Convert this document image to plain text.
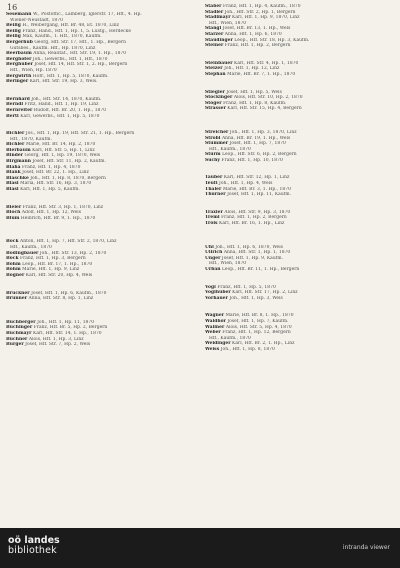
16
Sesemann W., Postoffic., Lamberg, Iglerstr. 17, Hff., 4. Hp.
Wiener-Neustadt, 1870
Beilig H., Weibergang, Hff. Br. 48, Et. 1870, Linz
Beilig Franz, Hand., Hff. 1, Hp. 1, 5. Lustg., Herdecke
Beilig Max, Kaufm., 1. Hff., 1870, Kaufm.
Bergerhub Georg, Hff. Str. 17, Hff., 1. Hp., Bergern
Gutsbes., Kaufm. Hff., Hp. 1870, Linz
Beerbaum Anna, Realität., Hff. Str. 19, 1. Hp., 1870
Berghofer Joh., Gewerbs., Hff. 1, Hff., 1870
Berghuber Josef, Hff. 14, Hff. Str. 1, 2. Hp., Bergern
Hff., Wien, Hp. 1870
Bergwirth Hofr., Hff. 1, Hp. 5, 1870, Kaufm.
Beringer Karl, Hff. Str. 19, Hp. 3, Wels.
Bernhard Joh., Hff. Str. 14, 1870, Kaufm.
Berndl Fritz, Hand., Hff. 1, Hp. 19, Linz
Bernreiter Rudolf, Hff. Br. 20, 1. Hp., 1870
Bertl Karl, Gewerbs., Hff. 1, Hp. 5, 1870
Bichler Jos., Hff. 1, Hp. 19, Hff. Str. 21, 1. Hp., Bergern
Hff., 1870, Kaufm.
Bichler Marie, Hff. Br. 14, Hp. 2, 1870
Bierbaum Karl, Hff. Str. 5, Hp. 1, Linz
Binder Georg, Hff. 1, Hp. 19, 1870, Wels
Birgmann Josef, Hff. Str. 11, Hp. 2, Kaufm.
Blaha Franz, Hff. 1, Hp. 4, 1870
Blank Josef, Hff. Br. 22, 1. Hp., Linz
Blaschke Joh., Hff. 1, Hp. 8, 1870, Bergern
Blasl Maria, Hff. Str. 16, Hp. 3, 1870
Blasl Karl, Hff. 1, Hp. 5, Kaufm.
Bleier Franz, Hff. Str. 3, Hp. 1, 1870, Linz
Bloch Adolf, Hff. 1, Hp. 12, Wels
Blum Heinrich, Hff. Br. 9, 1. Hp., 1870
Bock Anton, Hff. 1, Hp. 7, Hff. Str. 2, 1870, Linz
Hff., Kaufm., 1870
Bodingbauer Joh., Hff. Str. 13, Hp. 2, 1870
Böck Franz, Hff. 1, Hp. 3, Bergern
Böhm Leop., Hff. Br. 17, 1. Hp., 1870
Böhm Marie, Hff. 1, Hp. 9, Linz
Bogner Karl, Hff. Str. 20, Hp. 4, Wels
Bruckner Josef, Hff. 1, Hp. 6, Kaufm., 1870
Brunner Anna, Hff. Str. 8, Hp. 1, Linz
Buchberger Joh., Hff. 1, Hp. 11, 1870
Buchinger Franz, Hff. Br. 5, Hp. 2, Bergern
Buchmayr Karl, Hff. Str. 14, 1. Hp., 1870
Buchner Alois, Hff. 1, Hp. 3, Linz
Burger Josef, Hff. Str. 7, Hp. 2, Wels
Staber Franz, Hff. 1, Hp. 4, Kaufm., 1870
Stadler Joh., Hff. Str. 2, Hp. 1, Bergern
Stadlmayr Karl, Hff. 1, Hp. 9, 1870, Linz
Hff., Wien, 1870
Stangl Josef, Hff. Br. 13, 1. Hp., Wels
Starzer Anna, Hff. 1, Hp. 6, 1870
Staudinger Leop., Hff. Str. 18, Hp. 3, Kaufm.
Steiner Franz, Hff. 1, Hp. 2, Bergern
Steinbauer Karl, Hff. Str. 4, Hp. 1, 1870
Stelzer Joh., Hff. 1, Hp. 12, Linz
Stephan Marie, Hff. Br. 7, 1. Hp., 1870
Stiegler Josef, Hff. 1, Hp. 5, Wels
Stockinger Alois, Hff. Str. 10, Hp. 2, 1870
Stöger Franz, Hff. 1, Hp. 8, Kaufm.
Strasser Karl, Hff. Str. 15, Hp. 4, Bergern
Streicher Joh., Hff. 1, Hp. 3, 1870, Linz
Strobl Anna, Hff. Br. 19, 1. Hp., Wels
Stummer Josef, Hff. 1, Hp. 7, 1870
Hff., Kaufm., 1870
Sturm Leop., Hff. Str. 6, Hp. 2, Bergern
Suchy Franz, Hff. 1, Hp. 10, 1870
Tauber Karl, Hff. Str. 12, Hp. 1, Linz
Teufl Joh., Hff. 1, Hp. 4, Wels
Thaler Marie, Hff. Br. 3, 1. Hp., 1870
Thurner Josef, Hff. 1, Hp. 11, Kaufm.
Traxler Alois, Hff. Str. 9, Hp. 3, 1870
Treml Franz, Hff. 1, Hp. 2, Bergern
Tröls Karl, Hff. Br. 16, 1. Hp., Linz
Uhl Joh., Hff. 1, Hp. 6, 1870, Wels
Ullrich Anna, Hff. Str. 1, Hp. 1, 1870
Unger Josef, Hff. 1, Hp. 9, Kaufm.
Hff., Wien, 1870
Urban Leop., Hff. Br. 11, 1. Hp., Bergern
Vogl Franz, Hff. 1, Hp. 5, 1870
Voglhuber Karl, Hff. Str. 17, Hp. 2, Linz
Vorhauer Joh., Hff. 1, Hp. 3, Wels
Wagner Marie, Hff. Br. 8, 1. Hp., 1870
Waldhör Josef, Hff. 1, Hp. 7, Kaufm.
Wallner Alois, Hff. Str. 5, Hp. 4, 1870
Weber Franz, Hff. 1, Hp. 12, Bergern
Hff., Kaufm., 1870
Weidinger Karl, Hff. Br. 2, 1. Hp., Linz
Weiss Joh., Hff. 1, Hp. 8, 1870
oö landes
bibliothek	intranda viewer
